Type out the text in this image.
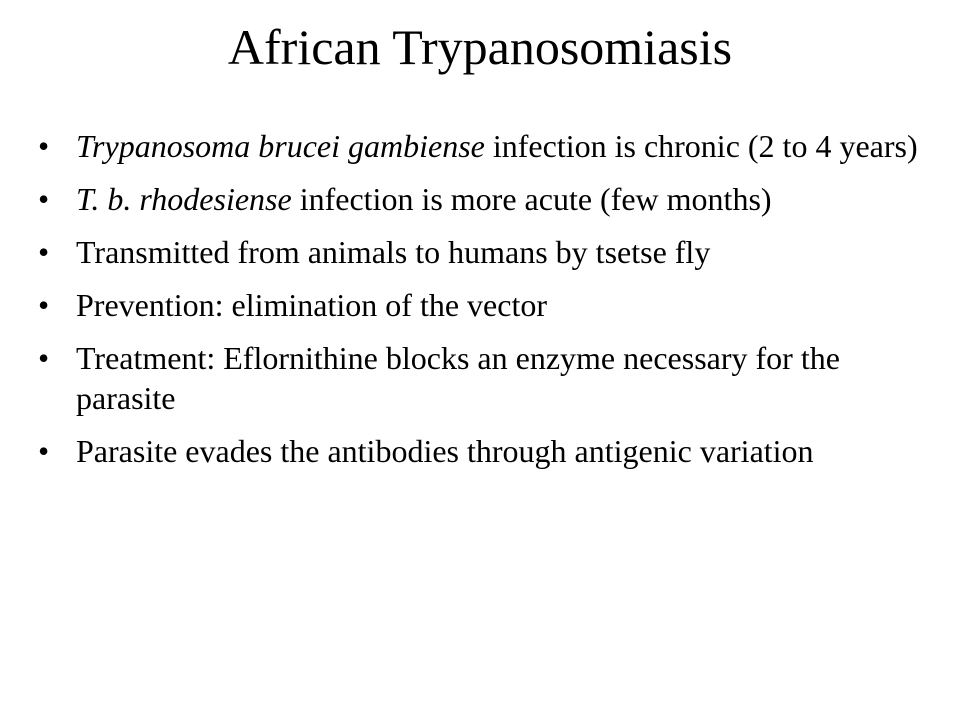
African Trypanosomiasis
• Trypanosoma brucei gambiense infection is chronic (2 to 4 years)
• T. b. rhodesiense infection is more acute (few months)
• Transmitted from animals to humans by tsetse fly
• Prevention: elimination of the vector
• Treatment: Eflornithine blocks an enzyme necessary for the parasite
• Parasite evades the antibodies through antigenic variation
